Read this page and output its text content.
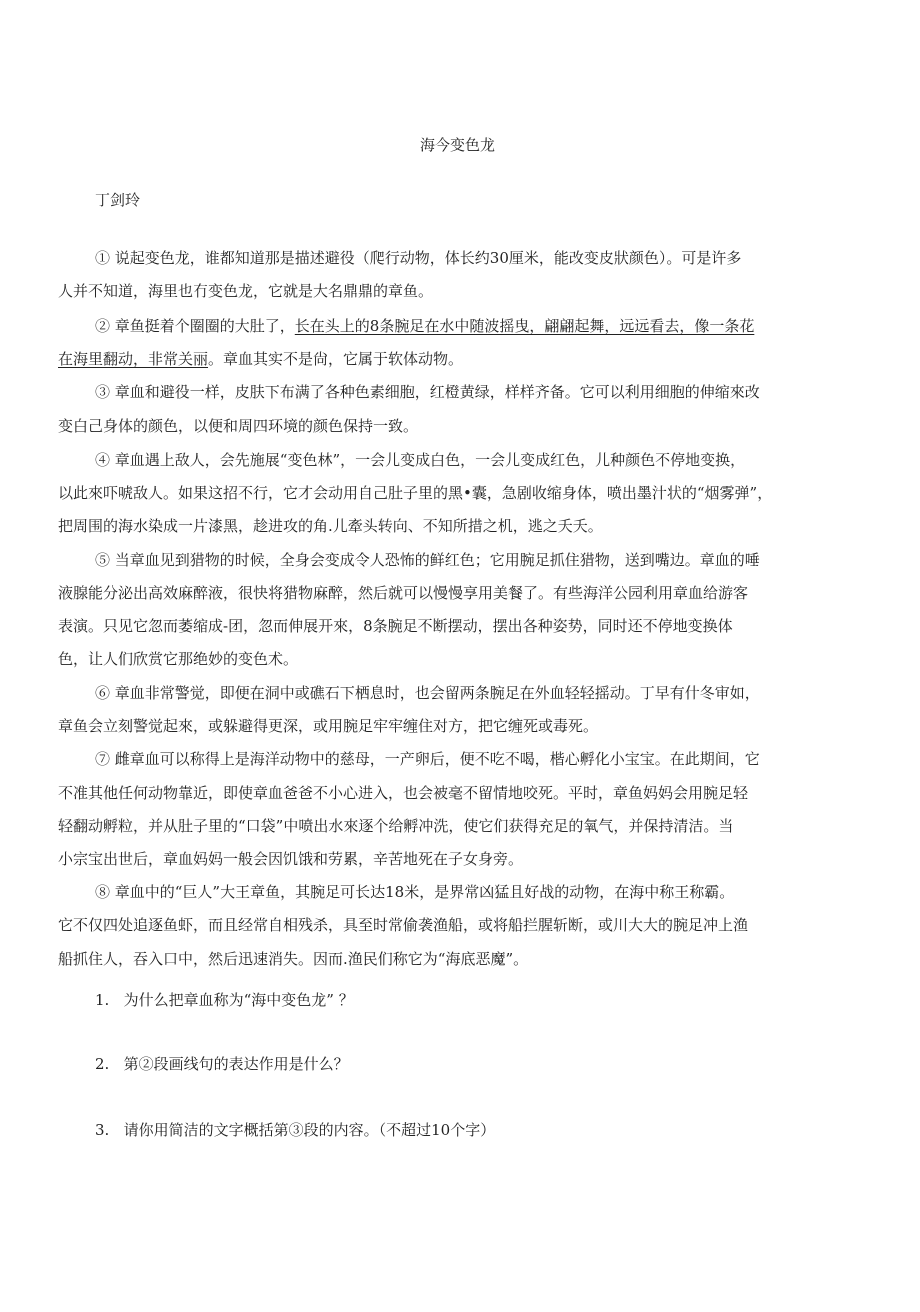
海今变色龙
丁剑玲
① 说起变色龙，谁都知道那是描述避役（爬行动物，体长约30厘米，能改变皮狀颜色）。可是许多
人并不知道，海里也冇变色龙，它就是大名鼎鼎的章鱼。
② 章鱼挺着个圈圈的大肚了，长在头上的8条腕足在水中随波摇曳，翩翩起舞，远远看去，像一条花
在海里翻动，非常关丽。章血其实不是尙，它属于软体动物。
③ 章血和避役一样，皮肤下布满了各种色素细胞，红橙黄绿，样样齐备。它可以利用细胞的伸缩來改
变白己身体的颜色，以便和周四环境的颜色保持一致。
④ 章血遇上敌人，会先施展“变色林”，一会儿变成白色，一会儿变成红色，儿种颜色不停地变换，
以此來吓唬敌人。如果这招不行，它才会动用自己肚子里的黑•囊，急剧收缩身体，喷出墨汁状的“烟雾弹”，
把周围的海水染成一片漆黑，趁进攻的角.儿牽头转向、不知所措之机，逃之夭夭。
⑤ 当章血见到猎物的时候，全身会变成令人恐怖的鲜红色；它用腕足抓住猎物，送到嘴边。章血的唾
液腺能分泌出高效麻醉液，很快将猎物麻醉，然后就可以慢慢享用美餐了。有些海洋公园利用章血给游客
表演。只见它忽而萎缩成-团，忽而伸展开來，8条腕足不断摆动，摆出各种姿势，同时还不停地变换体
色，让人们欣赏它那绝妙的变色术。
⑥ 章血非常警觉，即便在洞中或礁石下栖息时，也会留两条腕足在外血轻轻摇动。丁早有什冬审如，
章鱼会立刻警觉起來，或躲避得更深，或用腕足牢牢缠住对方，把它缠死或毒死。
⑦ 雌章血可以称得上是海洋动物中的慈母，一产卵后，便不吃不喝，楷心孵化小宝宝。在此期间，它
不准其他任何动物靠近，即使章血爸爸不小心进入，也会被毫不留情地咬死。平时，章鱼妈妈会用腕足轻
轻翻动孵粒，并从肚子里的“口袋”中喷出水來逐个给孵冲洗，使它们获得充足的氧气，并保持清洁。当
小宗宝出世后，章血妈妈一般会因饥饿和劳累，辛苦地死在子女身旁。
⑧ 章血中的“巨人”大王章鱼，其腕足可长达18米，是界常凶猛且好战的动物，在海中称王称霸。
它不仅四处追逐鱼虾，而且经常自相残杀，具至时常偷袭渔船，或将船拦腥斩断，或川大大的腕足冲上渔
船抓住人，吞入口中，然后迅速消失。因而.渔民们称它为“海底恶魔”。
1. 为什么把章血称为“海中变色龙” ？
2. 第②段画线句的表达作用是什么？
3. 请你用简洁的文字概括第③段的内容。（不超过10个字）
